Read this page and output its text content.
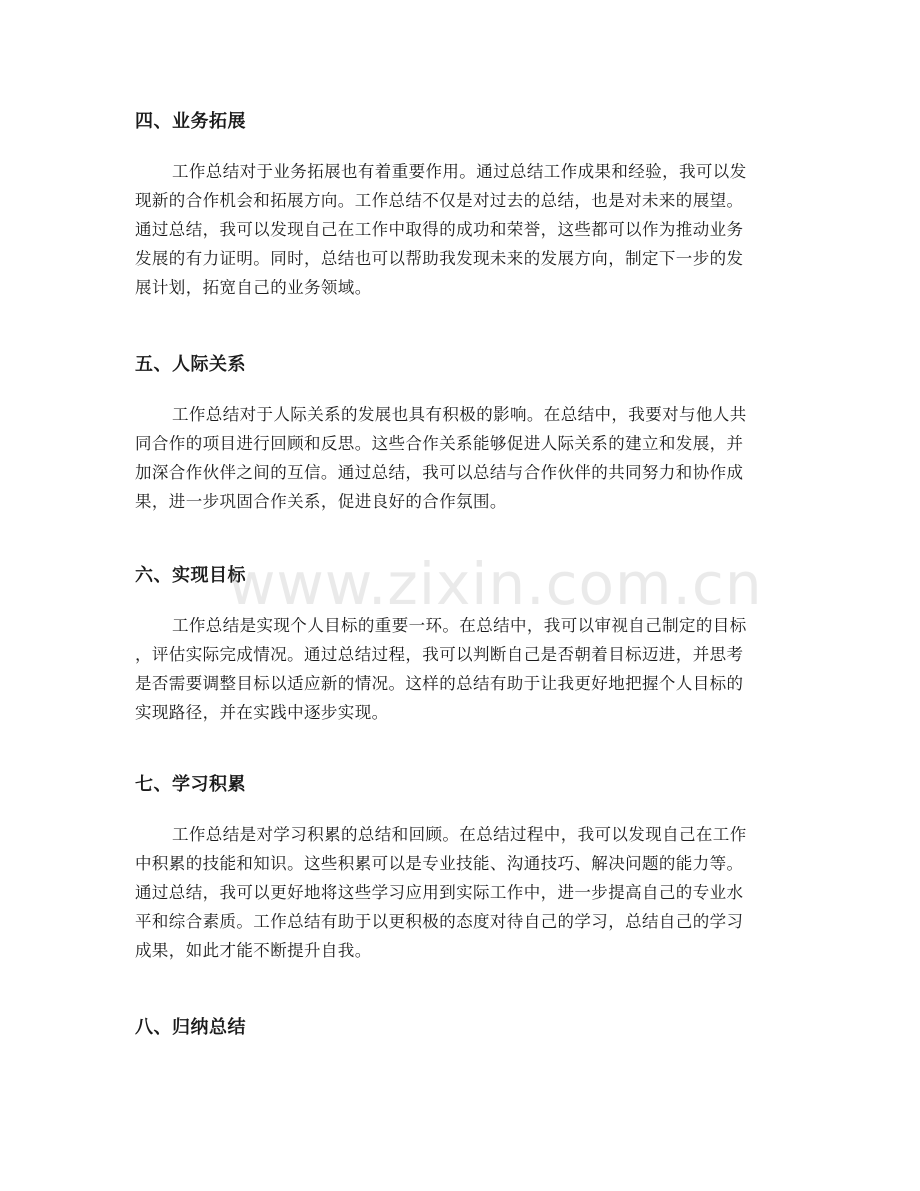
四、业务拓展
工作总结对于业务拓展也有着重要作用。通过总结工作成果和经验，我可以发
现新的合作机会和拓展方向。工作总结不仅是对过去的总结，也是对未来的展望。
通过总结，我可以发现自己在工作中取得的成功和荣誉，这些都可以作为推动业务
发展的有力证明。同时，总结也可以帮助我发现未来的发展方向，制定下一步的发
展计划，拓宽自己的业务领域。
五、人际关系
工作总结对于人际关系的发展也具有积极的影响。在总结中，我要对与他人共
同合作的项目进行回顾和反思。这些合作关系能够促进人际关系的建立和发展，并
加深合作伙伴之间的互信。通过总结，我可以总结与合作伙伴的共同努力和协作成
果，进一步巩固合作关系，促进良好的合作氛围。
六、实现目标
工作总结是实现个人目标的重要一环。在总结中，我可以审视自己制定的目标
，评估实际完成情况。通过总结过程，我可以判断自己是否朝着目标迈进，并思考
是否需要调整目标以适应新的情况。这样的总结有助于让我更好地把握个人目标的
实现路径，并在实践中逐步实现。
七、学习积累
工作总结是对学习积累的总结和回顾。在总结过程中，我可以发现自己在工作
中积累的技能和知识。这些积累可以是专业技能、沟通技巧、解决问题的能力等。
通过总结，我可以更好地将这些学习应用到实际工作中，进一步提高自己的专业水
平和综合素质。工作总结有助于以更积极的态度对待自己的学习，总结自己的学习
成果，如此才能不断提升自我。
八、归纳总结
www.zixin.com.cn
